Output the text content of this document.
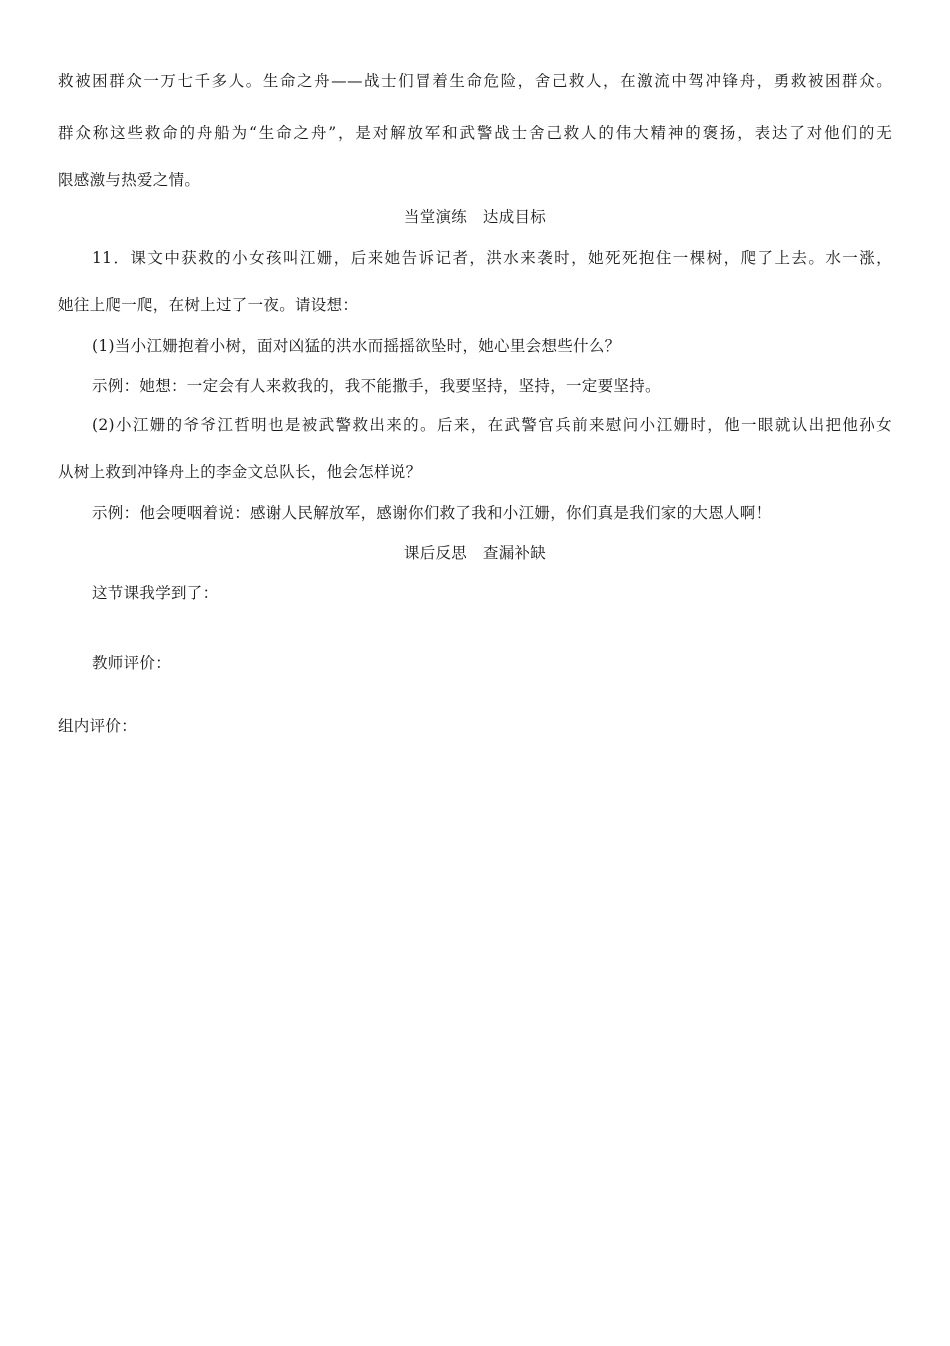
救被困群众一万七千多人。生命之舟——战士们冒着生命危险，舍己救人，在激流中驾冲锋舟，勇救被困群众。
群众称这些救命的舟船为“生命之舟”，是对解放军和武警战士舍己救人的伟大精神的褒扬，表达了对他们的无
限感激与热爱之情。
当堂演练　达成目标
11．课文中获救的小女孩叫江姗，后来她告诉记者，洪水来袭时，她死死抱住一棵树，爬了上去。水一涨，
她往上爬一爬，在树上过了一夜。请设想：
(1)当小江姗抱着小树，面对凶猛的洪水而摇摇欲坠时，她心里会想些什么？
示例：她想：一定会有人来救我的，我不能撒手，我要坚持，坚持，一定要坚持。
(2)小江姗的爷爷江哲明也是被武警救出来的。后来，在武警官兵前来慰问小江姗时，他一眼就认出把他孙女
从树上救到冲锋舟上的李金文总队长，他会怎样说？
示例：他会哽咽着说：感谢人民解放军，感谢你们救了我和小江姗，你们真是我们家的大恩人啊！
课后反思　查漏补缺
这节课我学到了：
教师评价：
组内评价：
